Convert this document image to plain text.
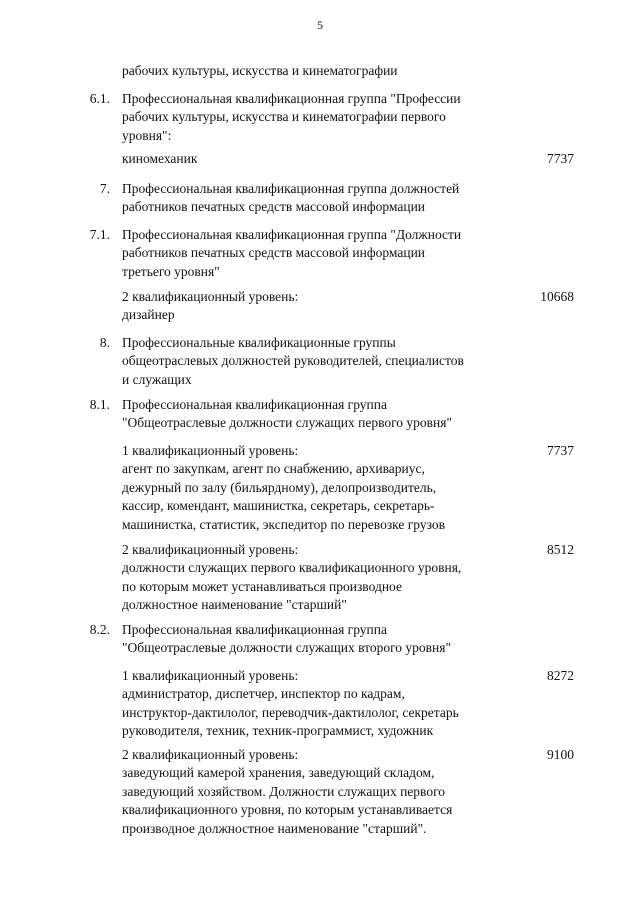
5
рабочих культуры, искусства и кинематографии
6.1. Профессиональная квалификационная группа "Профессии
рабочих культуры, искусства и кинематографии первого
уровня":
киномеханик	7737
7. Профессиональная квалификационная группа должностей
работников печатных средств массовой информации
7.1. Профессиональная квалификационная группа "Должности
работников печатных средств массовой информации
третьего уровня"
2 квалификационный уровень:
дизайнер
10668
8. Профессиональные квалификационные группы
общеотраслевых должностей руководителей, специалистов
и служащих
8.1. Профессиональная квалификационная группа
"Общеотраслевые должности служащих первого уровня"
1 квалификационный уровень:
агент по закупкам, агент по снабжению, архивариус,
дежурный по залу (бильярдному), делопроизводитель,
кассир, комендант, машинистка, секретарь, секретарь-
машинистка, статистик, экспедитор по перевозке грузов
7737
2 квалификационный уровень:
должности служащих первого квалификационного уровня,
по которым может устанавливаться производное
должностное наименование "старший"
8512
8.2. Профессиональная квалификационная группа
"Общеотраслевые должности служащих второго уровня"
1 квалификационный уровень:
администратор, диспетчер, инспектор по кадрам,
инструктор-дактилолог, переводчик-дактилолог, секретарь
руководителя, техник, техник-программист, художник
8272
2 квалификационный уровень:
заведующий камерой хранения, заведующий складом,
заведующий хозяйством. Должности служащих первого
квалификационного уровня, по которым устанавливается
производное должностное наименование "старший".
9100
